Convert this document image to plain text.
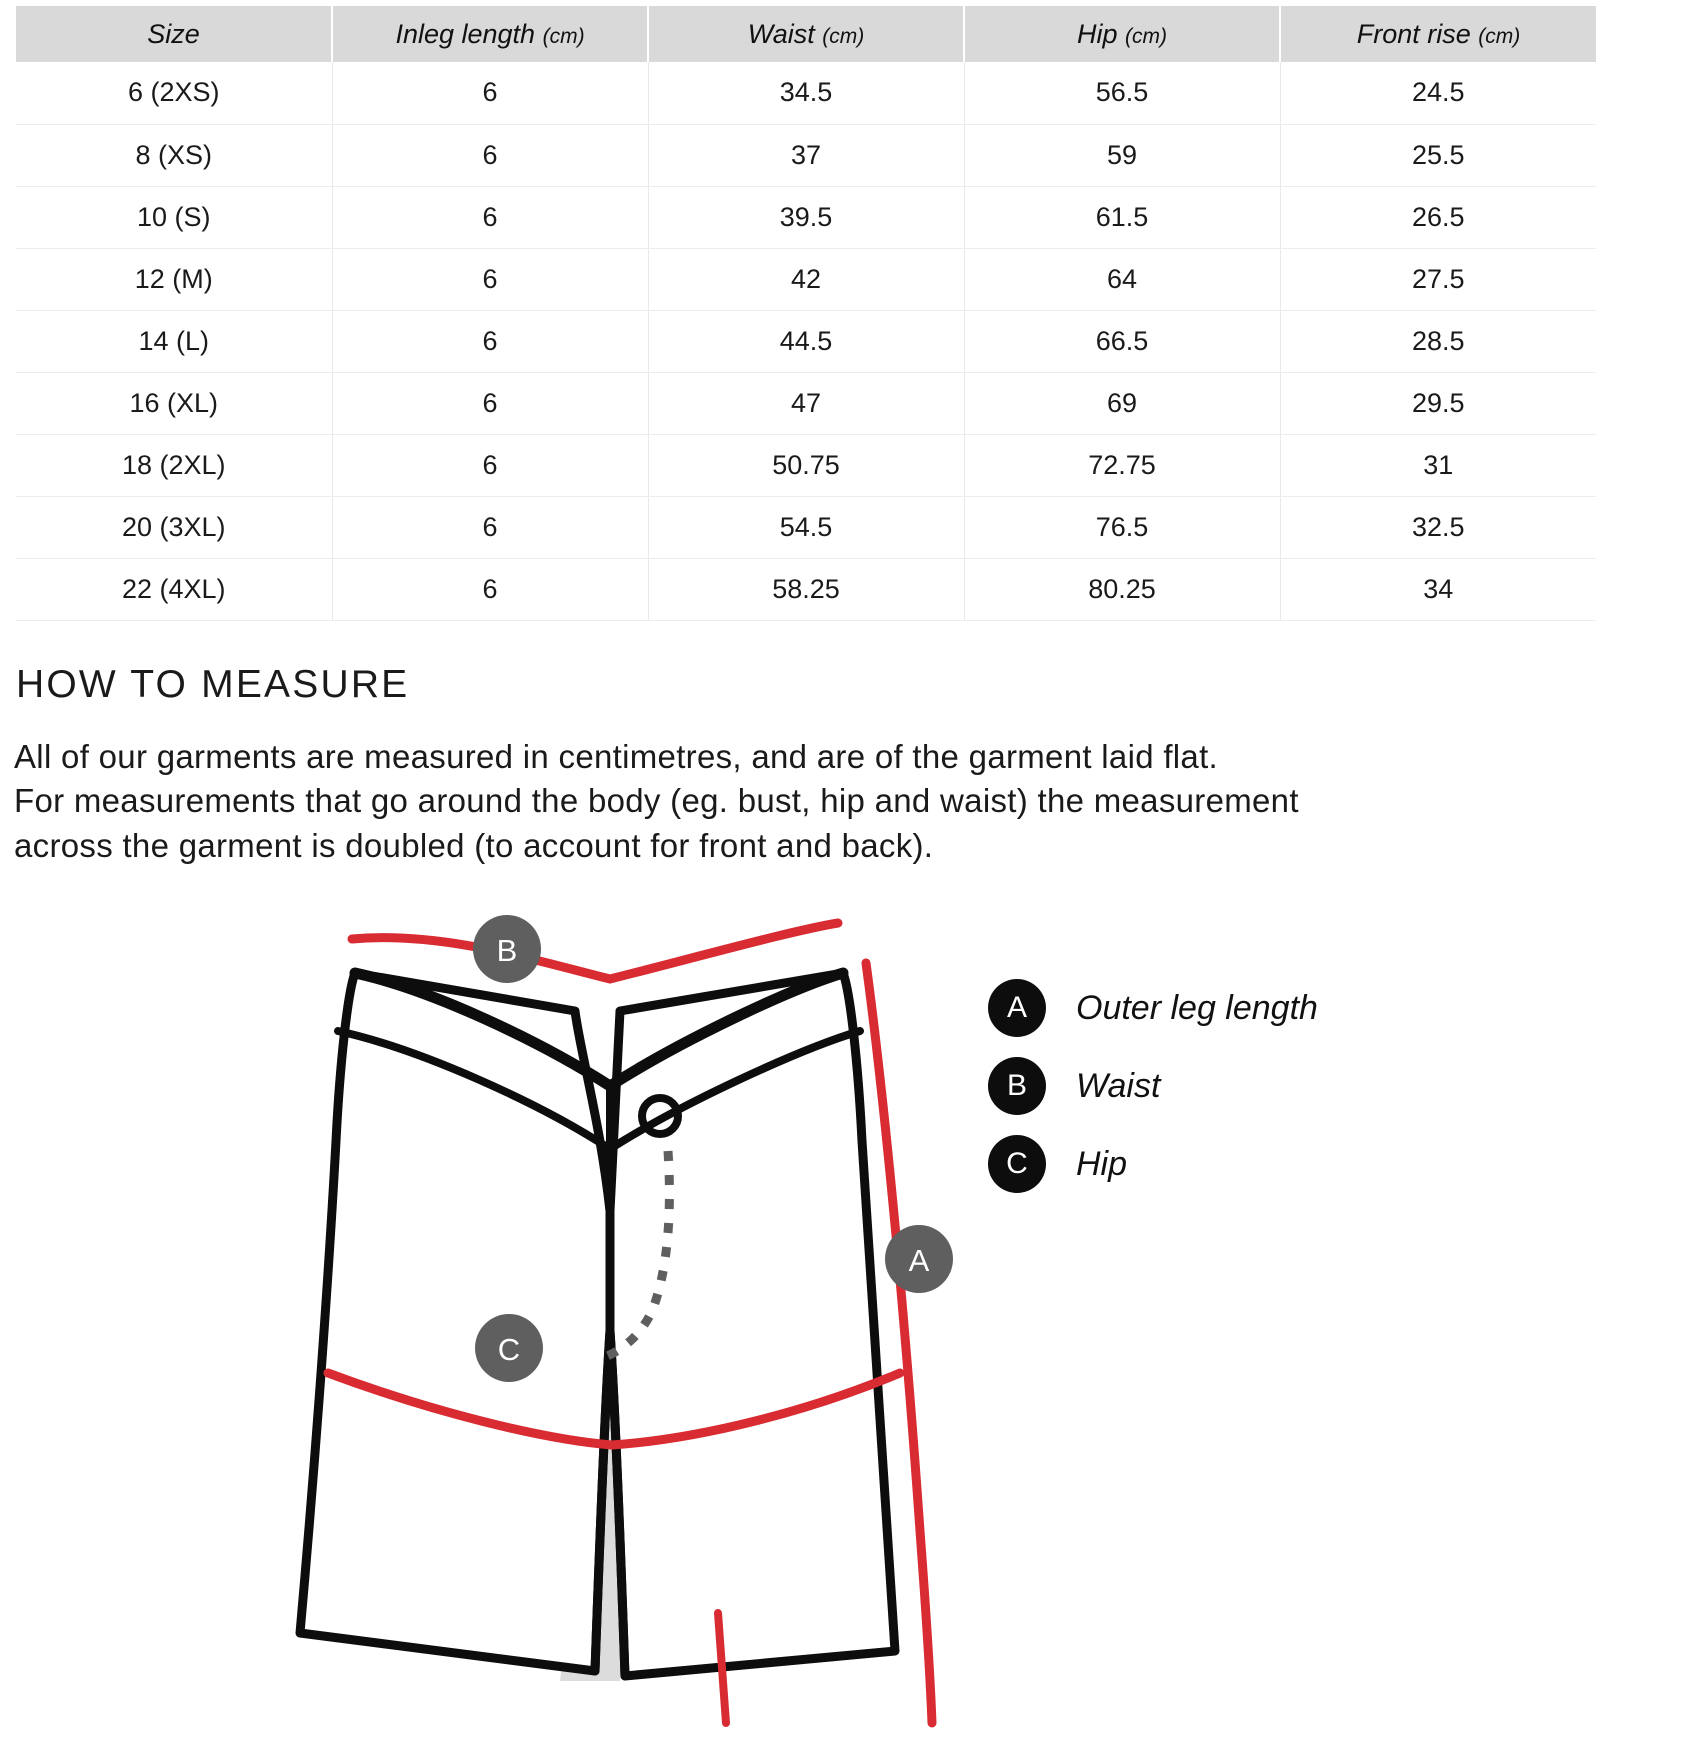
Size	Inleg length (cm)	Waist (cm)	Hip (cm)	Front rise (cm)
6 (2XS)	6	34.5	56.5	24.5
8 (XS)	6	37	59	25.5
10 (S)	6	39.5	61.5	26.5
12 (M)	6	42	64	27.5
14 (L)	6	44.5	66.5	28.5
16 (XL)	6	47	69	29.5
18 (2XL)	6	50.75	72.75	31
20 (3XL)	6	54.5	76.5	32.5
22 (4XL)	6	58.25	80.25	34
HOW TO MEASURE
All of our garments are measured in centimetres, and are of the garment laid flat.
For measurements that go around the body (eg. bust, hip and waist) the measurement
across the garment is doubled (to account for front and back).
B
C
A
A	Outer leg length
B	Waist
C	Hip
